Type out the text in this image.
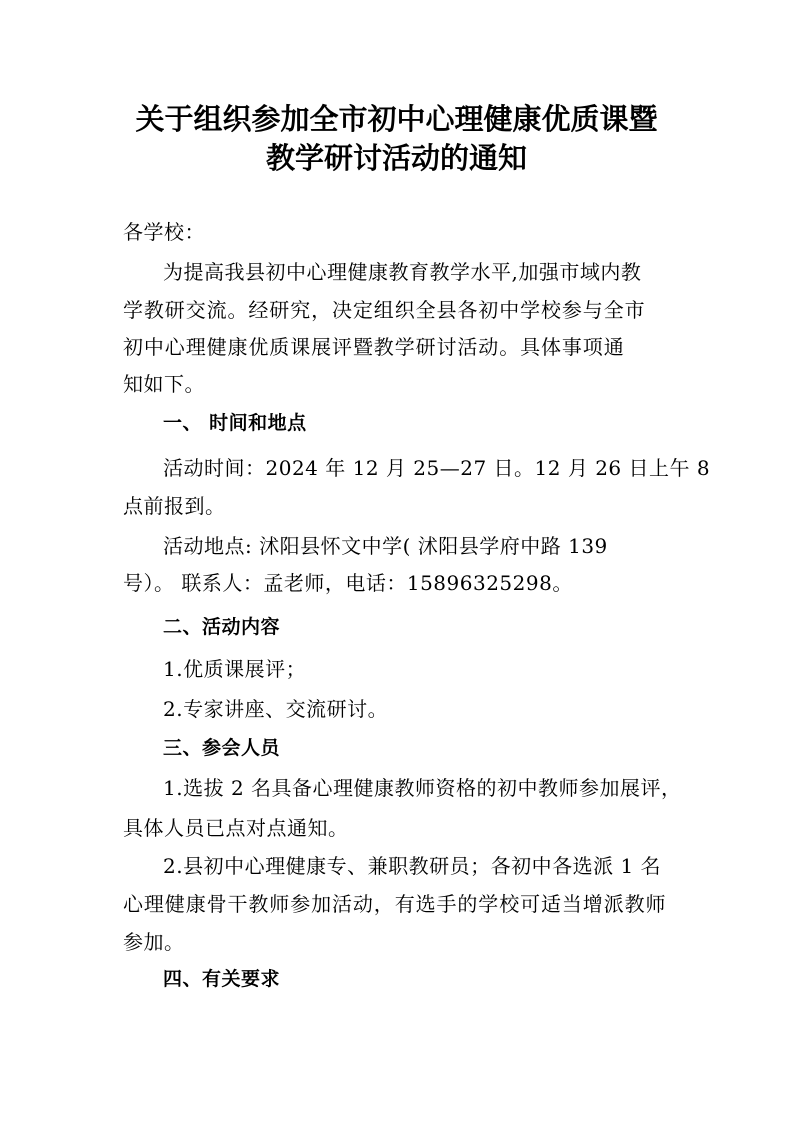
关于组织参加全市初中心理健康优质课暨
教学研讨活动的通知
各学校：
为提高我县初中心理健康教育教学水平,加强市域内教
学教研交流。经研究，决定组织全县各初中学校参与全市
初中心理健康优质课展评暨教学研讨活动。具体事项通
知如下。
一、 时间和地点
活动时间：2024 年 12 月 25—27 日。12 月 26 日上午 8
点前报到。
活动地点: 沭阳县怀文中学( 沭阳县学府中路 139
号）。 联系人：孟老师，电话：15896325298。
二、活动内容
1.优质课展评；
2.专家讲座、交流研讨。
三、参会人员
1.选拔 2 名具备心理健康教师资格的初中教师参加展评，
具体人员已点对点通知。
2.县初中心理健康专、兼职教研员；各初中各选派 1 名
心理健康骨干教师参加活动，有选手的学校可适当增派教师
参加。
四、有关要求
